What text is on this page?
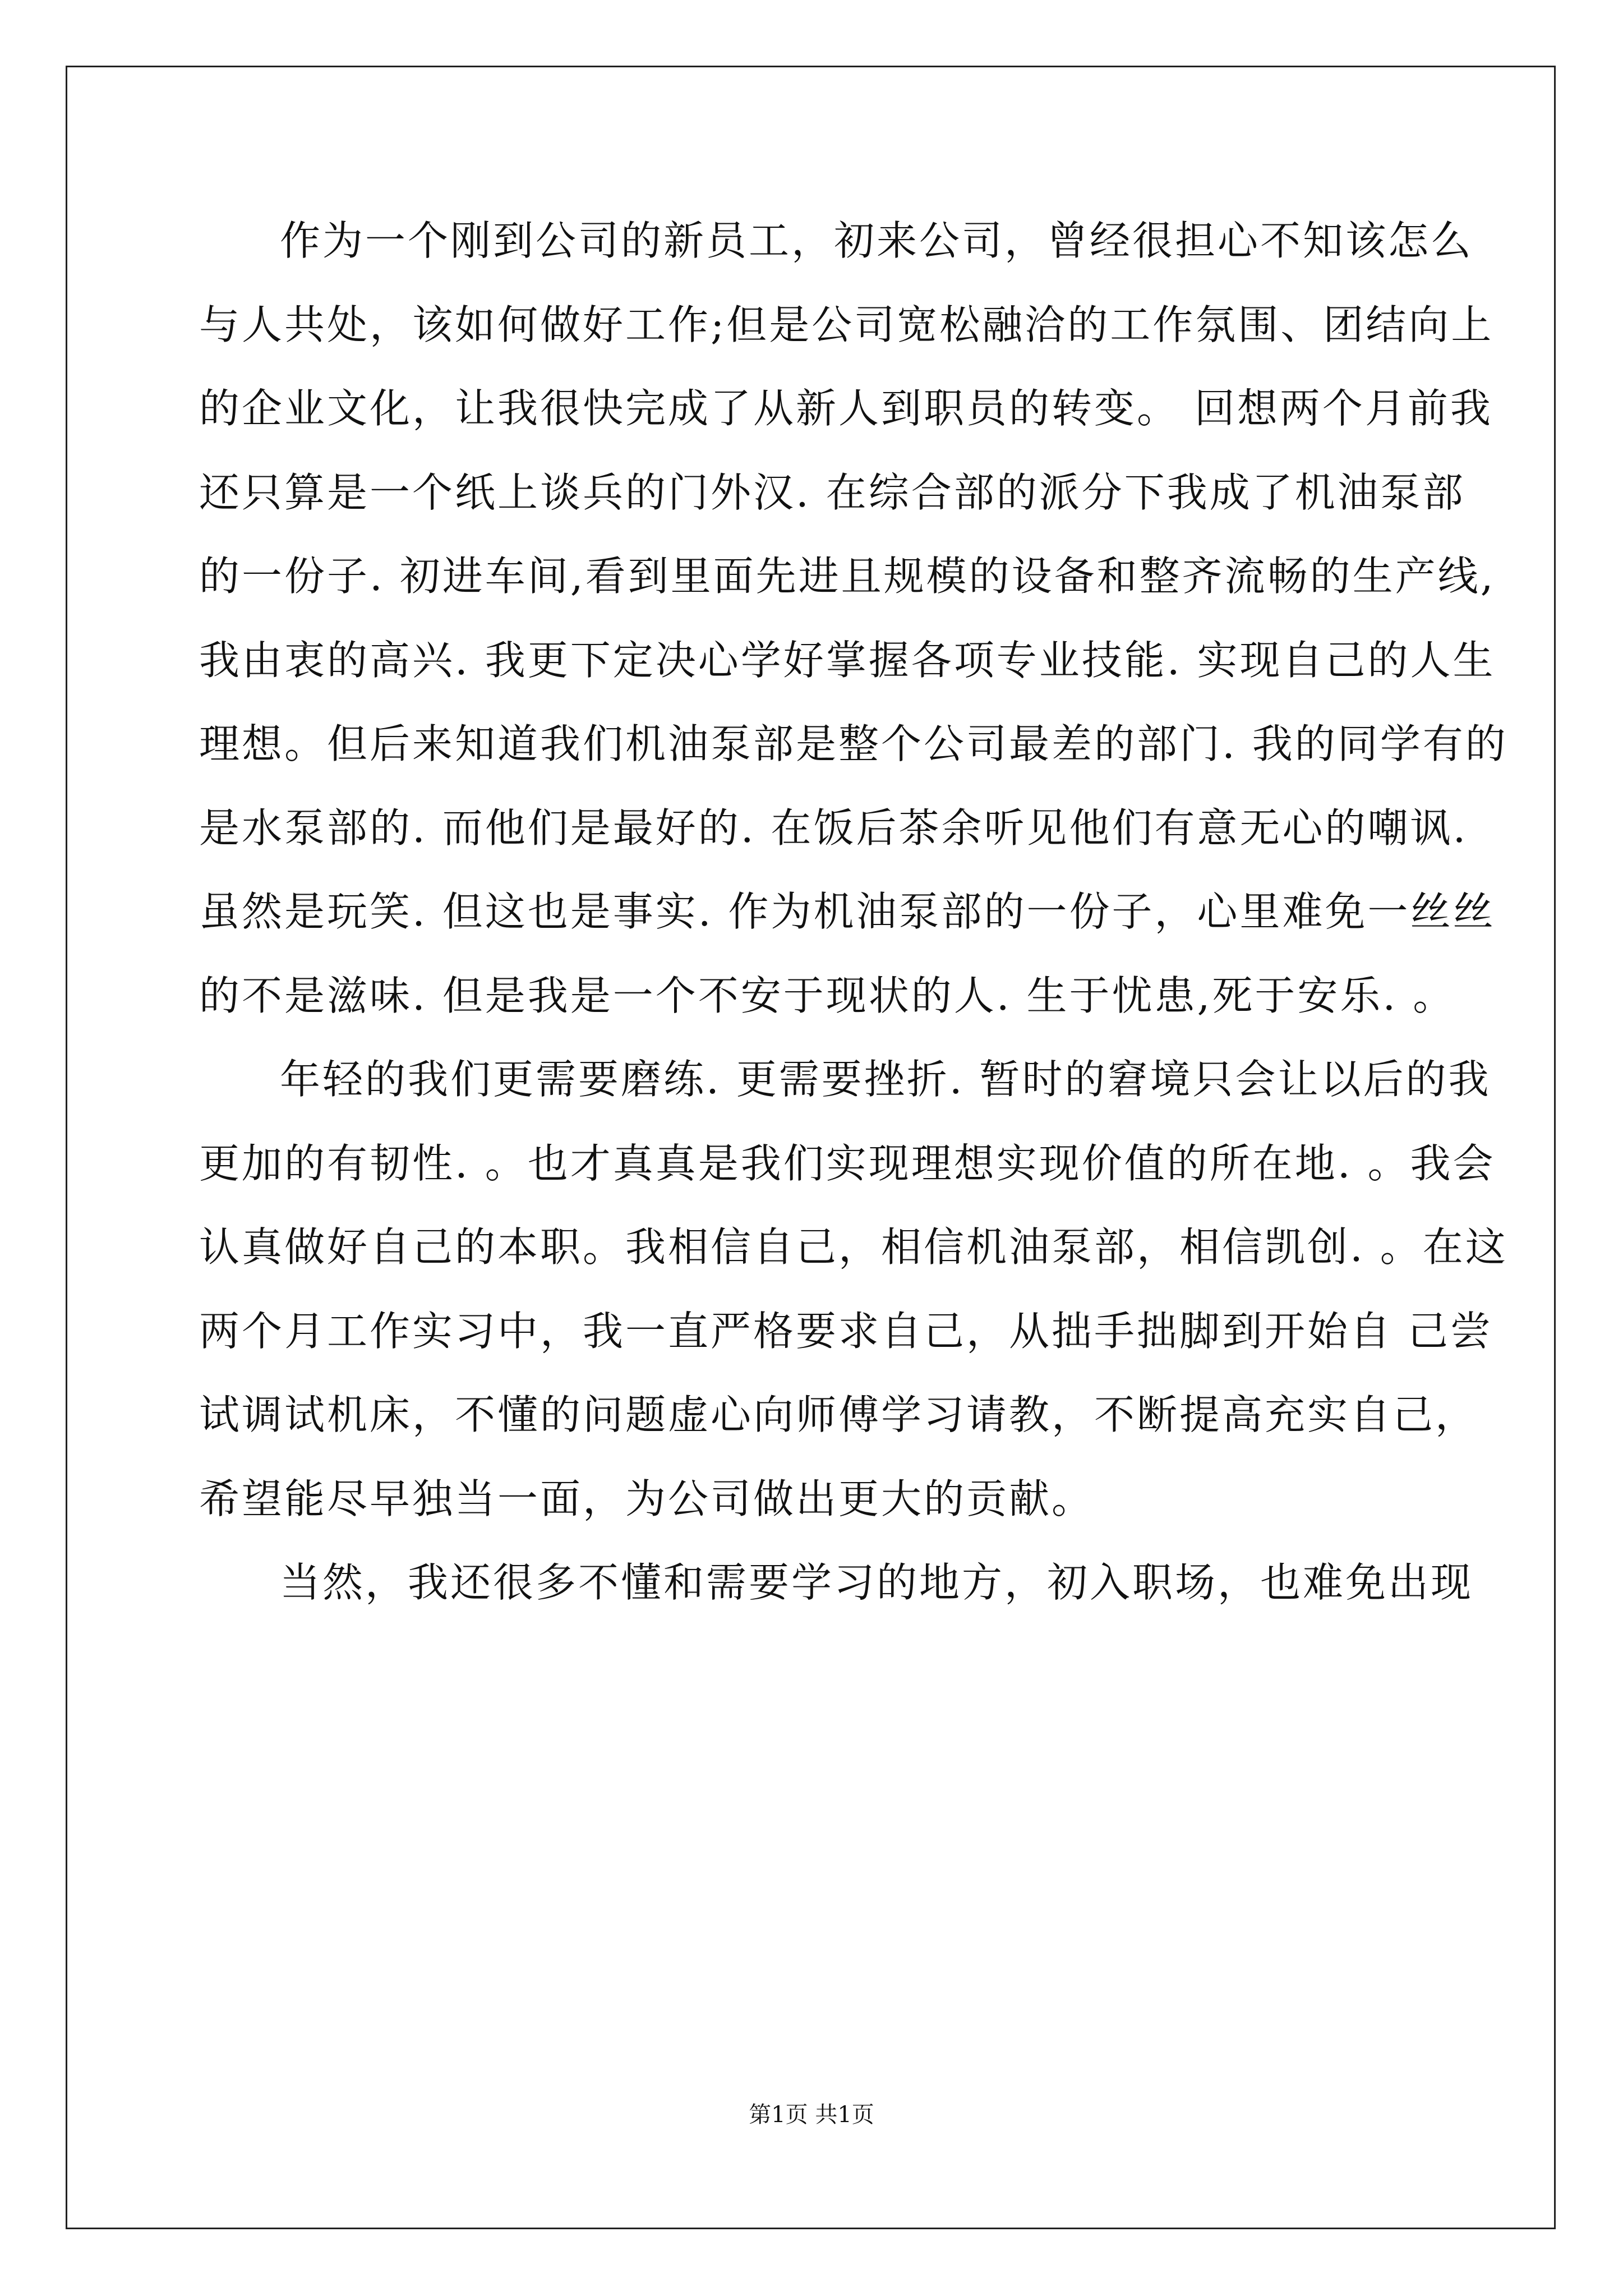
作为一个刚到公司的新员工，初来公司，曾经很担心不知该怎么
与人共处，该如何做好工作;但是公司宽松融洽的工作氛围、团结向上
的企业文化，让我很快完成了从新人到职员的转变。 回想两个月前我
还只算是一个纸上谈兵的门外汉. 在综合部的派分下我成了机油泵部
的一份子. 初进车间,看到里面先进且规模的设备和整齐流畅的生产线,
我由衷的高兴. 我更下定决心学好掌握各项专业技能. 实现自己的人生
理想。但后来知道我们机油泵部是整个公司最差的部门. 我的同学有的
是水泵部的. 而他们是最好的. 在饭后茶余听见他们有意无心的嘲讽.
虽然是玩笑. 但这也是事实. 作为机油泵部的一份子，心里难免一丝丝
的不是滋味. 但是我是一个不安于现状的人. 生于忧患,死于安乐. 。
年轻的我们更需要磨练. 更需要挫折. 暂时的窘境只会让以后的我
更加的有韧性. 。也才真真是我们实现理想实现价值的所在地. 。我会
认真做好自己的本职。我相信自己，相信机油泵部，相信凯创. 。在这
两个月工作实习中，我一直严格要求自己，从拙手拙脚到开始自 己尝
试调试机床，不懂的问题虚心向师傅学习请教，不断提高充实自己，
希望能尽早独当一面，为公司做出更大的贡献。
当然，我还很多不懂和需要学习的地方，初入职场，也难免出现
第1页 共1页
